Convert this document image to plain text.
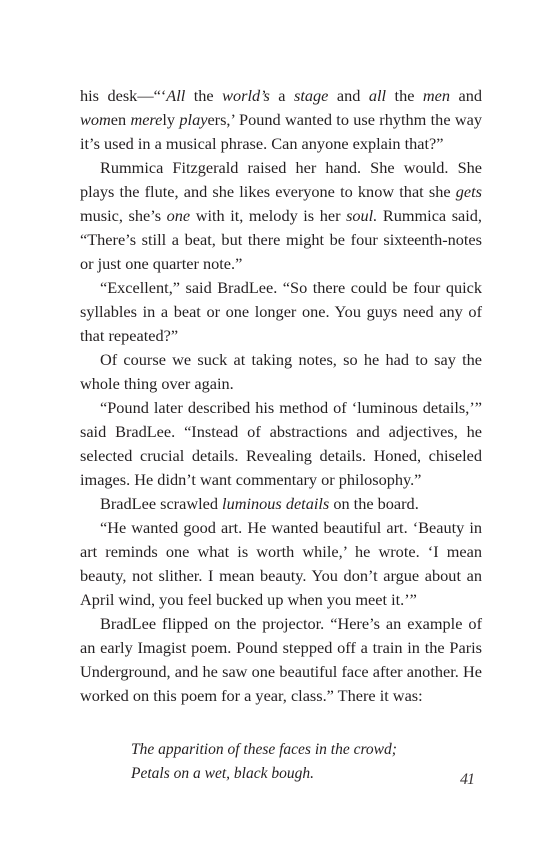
his desk—“‘All the world’s a stage and all the men and women merely players,’ Pound wanted to use rhythm the way it’s used in a musical phrase. Can anyone explain that?”

Rummica Fitzgerald raised her hand. She would. She plays the flute, and she likes everyone to know that she gets music, she’s one with it, melody is her soul. Rummica said, “There’s still a beat, but there might be four sixteenth-notes or just one quarter note.”

“Excellent,” said BradLee. “So there could be four quick syllables in a beat or one longer one. You guys need any of that repeated?”

Of course we suck at taking notes, so he had to say the whole thing over again.

“Pound later described his method of ‘luminous details,’” said BradLee. “Instead of abstractions and adjectives, he selected crucial details. Revealing details. Honed, chiseled images. He didn’t want commentary or philosophy.”

BradLee scrawled luminous details on the board.

“He wanted good art. He wanted beautiful art. ‘Beauty in art reminds one what is worth while,’ he wrote. ‘I mean beauty, not slither. I mean beauty. You don’t argue about an April wind, you feel bucked up when you meet it.’”

BradLee flipped on the projector. “Here’s an example of an early Imagist poem. Pound stepped off a train in the Paris Underground, and he saw one beautiful face after another. He worked on this poem for a year, class.” There it was:

The apparition of these faces in the crowd;
Petals on a wet, black bough.	41
